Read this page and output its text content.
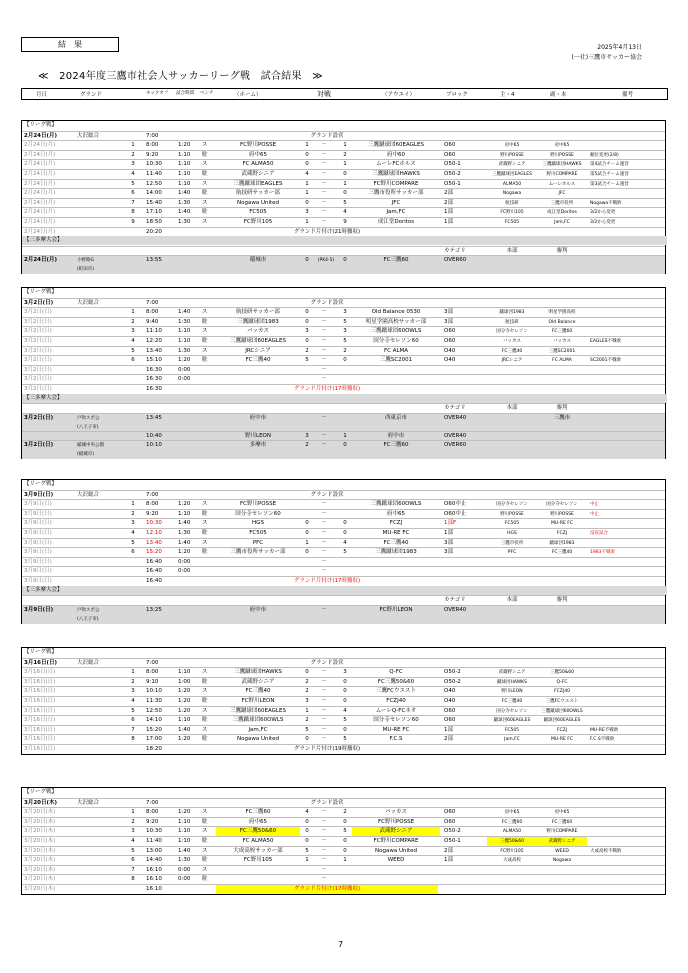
結　果	2025年4月13日
(一社)三鷹市サッカー協会
≪　2024年度三鷹市社会人サッカーリーグ戦　試合結果　≫
月日	グランド	キックオフ 試合時間 ベンチ	（ホーム）	対戦	（アウエイ）	ブロック	主・4	副・本	備考
【リーグ戦】
2月24日(月)	大沢総合	7:00	グランド設営
2月24日(月)	1	8:00	1:20	ス	FC野川POSSE	1	－	1	三鷹蹴球団60EAGLES	O60	府中65	府中65
2月24日(月)	2	9:20	1:10	駐	府中65	0	－	2	府中60	O60	野川POSSE	野川POSSE	順位変更(2/8)
2月24日(月)	3	10:30	1:10	ス	FC ALMA50	0	－	1	ムーレFCホルス	O50-1	武蔵野シニア	三鷹蹴球団HAWKS	第4試合チーム運営
2月24日(月)	4	11:40	1:10	駐	武蔵野シニア	4	－	0	三鷹蹴球団HAWKS	O50-2	三鷹蹴球団EAGLES	野川COMPARE	第5試合チーム運営
2月24日(月)	5	12:50	1:10	ス	三鷹蹴球団EAGLES	1	－	1	FC野川COMPARE	O50-1	ALMA50	ムーレホルス	第3試合チーム運営
2月24日(月)	6	14:00	1:40	駐	航技研サッカー部	1	－	0	三鷹市役所サッカー部	2部	Nogawa	JFC
2月24日(月)	7	15:40	1:30	ス	Nogawa United	0	－	5	JFC	2部	航技研	三鷹市役所	Nogawa不戦敗
2月24日(月)	8	17:10	1:40	駐	FC505	3	－	4	Jam,FC	1部	FC野川105	成江堂Doritos	3/2から変更
2月24日(月)	9	18:50	1:30	ス	FC野川105	1	－	9	成江堂Doritos	1部	FC505	Jam,FC	3/2から変更
2月24日(月)	20:20	グランド片付け(21時撤収)
【三多摩大会】
カテゴリ	本部	審判
2月24日(月)	小野路G
(町田市)
13:55	稲城市	0	(PK4-5)	0	FC三鷹60	OVER60
【リーグ戦】
3月2日(日)	大沢総合	7:00	グランド設営
3月2日(日)	1	8:00	1:40	ス	航技研サッカー部	0	－	3	Old Balance 0530	3部	蹴球団1983	明星学園高校
3月2日(日)	2	9:40	1:30	駐	三鷹蹴球団1983	0	－	5	明星学園高校サッカー部	3部	航技研	Old Balance
3月2日(日)	3	11:10	1:10	ス	バッカス	3	－	3	三鷹蹴球団60OWLS	O60	国分寺セレソン	FC三鷹60
3月2日(日)	4	12:20	1:10	駐	三鷹蹴球団60EAGLES	0	－	5	国分寺セレソン60	O60	バッカス	バッカス	EAGLES不戦敗
3月2日(日)	5	13:40	1:30	ス	JRCシニア	2	－	2	FC ALMA	O40	FC三鷹40	三鷹SC2001
3月2日(日)	6	15:10	1:20	駐	FC三鷹40	5	－	0	三鷹SC2001	O40	JRCシニア	FC ALMA	SC2001不戦敗
3月2日(日)	16:30	0:00	－
3月2日(日)	16:30	0:00	－
3月2日(日)	16:30	グランド片付け(17時撤収)
【三多摩大会】
カテゴリ	本部	審判
3月2日(日)	戸吹スポ公
(八王子市)
13:45	府中市	－	西東京市	OVER40	三鷹市
10:40	野川LEON	3	－	1	府中市	OVER40
3月2日(日)	稲城中央公園
(稲城市)
10:10	多摩市	2	－	0	FC三鷹60	OVER60
【リーグ戦】
3月9日(日)	大沢総合	7:00	グランド設営
3月9日(日)	1	8:00	1:20	ス	FC野川POSSE	－	三鷹蹴球団60OWLS	O60中止	国分寺セレソン	国分寺セレソン	中止
3月9日(日)	2	9:20	1:10	駐	国分寺セレソン60	－	府中65	O60中止	野川POSSE	野川POSSE	中止
3月9日(日)	3	10:30	1:40	ス	HGS	0	－	0	FCZJ	1部F	FC505	MU-RE FC
3月9日(日)	4	12:10	1:30	駐	FC505	0	－	0	MU-RE FC	1部	HGS	FCZJ	没収試合
3月9日(日)	5	13:40	1:40	ス	PFC	1	－	4	FC三鷹40	3部	三鷹市役所	蹴球団1983
3月9日(日)	6	15:20	1:20	駐	三鷹市役所サッカー部	0	－	5	三鷹蹴球団1983	3部	PFC	FC三鷹40	1983不戦敗
3月9日(日)	16:40	0:00	－
3月9日(日)	16:40	0:00	－
3月9日(日)	16:40	グランド片付け(17時撤収)
【三多摩大会】
カテゴリ	本部	審判
3月9日(日)	戸吹スポ公
(八王子市)
13:25	府中市	－	FC野川LEON	OVER40
【リーグ戦】
3月16日(日)	大沢総合	7:00	グランド設営
3月16日(日)	1	8:00	1:10	ス	三鷹蹴球団HAWKS	0	－	3	Q-FC	O50-2	武蔵野シニア	三鷹50&60
3月16日(日)	2	9:10	1:00	駐	武蔵野シニア	2	－	0	FC三鷹50&60	O50-2	蹴球団HAWKS	Q-FC
3月16日(日)	3	10:10	1:20	ス	FC三鷹40	2	－	0	三鷹FCウエスト	O40	野川LEON	FCZJ40
3月16日(日)	4	11:30	1:20	駐	FC野川LEON	3	－	0	FCZJ40	O40	FC三鷹40	三鷹FCウエスト
3月16日(日)	5	12:50	1:20	ス	三鷹蹴球団60EAGLES	1	－	4	ムーレQ-FCネオ	O60	国分寺セレソン	三鷹蹴球団60OWLS
3月16日(日)	6	14:10	1:10	駐	三鷹蹴球団60OWLS	2	－	5	国分寺セレソン60	O60	蹴球団60EAGLES	蹴球団60EAGLES
3月16日(日)	7	15:20	1:40	ス	Jam,FC	5	－	0	MU-RE FC	1部	FC505	FCZJ	MU-RE不戦敗
3月16日(日)	8	17:00	1:20	駐	Nogawa United	0	－	5	F.C.S	2部	Jam,FC	MU-RE FC	F.C.S不戦敗
3月16日(日)	18:20	グランド片付け(19時撤収)
【リーグ戦】
3月20日(木)	大沢総合	7:00	グランド設営
3月20日(木)	1	8:00	1:20	ス	FC三鷹60	4	－	2	バッカス	O60	府中65	府中65
3月20日(木)	2	9:20	1:10	駐	府中65	0	－	0	FC野川POSSE	O60	FC三鷹60	FC三鷹60
3月20日(木)	3	10:30	1:10	ス	FC三鷹50&60	0	－	5	武蔵野シニア	O50-2	ALMA50	野川COMPARE
3月20日(木)	4	11:40	1:10	駐	FC ALMA50	0	－	0	FC野川COMPARE	O50-1	三鷹50&60	武蔵野シニア
3月20日(木)	5	13:00	1:40	ス	大成高校サッカー部	5	－	0	Nogawa United	2部	FC野川105	WEED	大成高校不戦敗
3月20日(木)	6	14:40	1:30	駐	FC野川105	1	－	1	WEED	1部	大成高校	Nogawa
3月20日(木)	7	16:10	0:00	ス	－
3月20日(木)	8	16:10	0:00	駐	－
3月20日(木)	16:10	グランド片付け(17時撤収)
7
